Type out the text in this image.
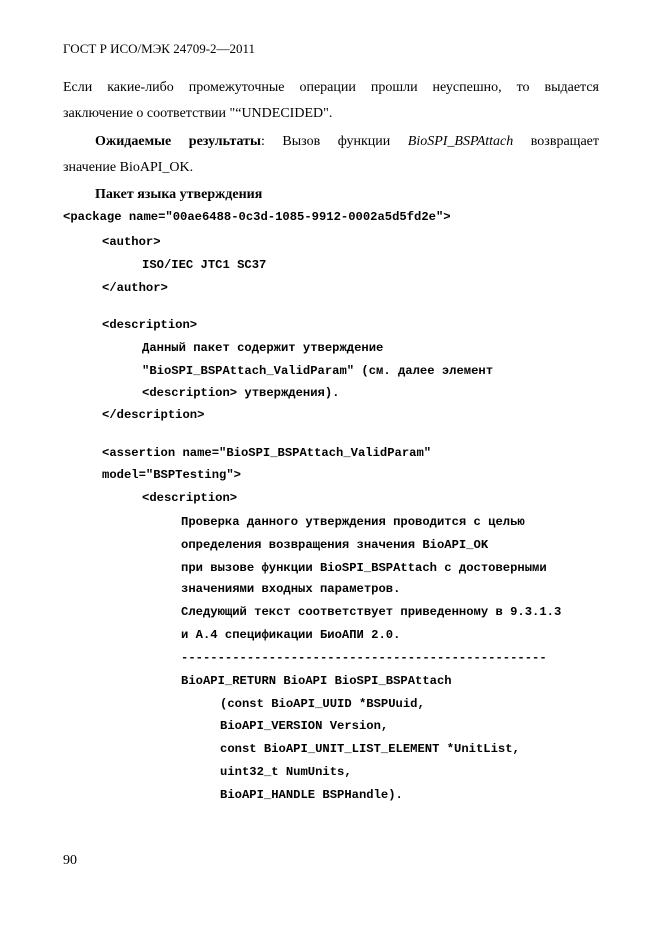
ГОСТ Р ИСО/МЭК 24709-2—2011
Если какие-либо промежуточные операции прошли неуспешно, то выдается
заключение о соответствии "“UNDECIDED".
Ожидаемые результаты: Вызов функции BioSPI_BSPAttach возвращает
значение BioAPI_OK.
Пакет языка утверждения
<package name="00ae6488-0c3d-1085-9912-0002a5d5fd2e">
<author>
ISO/IEC JTC1 SC37
</author>
<description>
Данный пакет содержит утверждение
"BioSPI_BSPAttach_ValidParam" (см. далее элемент
<description> утверждения).
</description>
<assertion name="BioSPI_BSPAttach_ValidParam"
model="BSPTesting">
<description>
Проверка данного утверждения проводится с целью
определения возвращения значения BioAPI_OK
при вызове функции BioSPI_BSPAttach с достоверными
значениями входных параметров.
Следующий текст соответствует приведенному в 9.3.1.3
и А.4 спецификации БиоАПИ 2.0.
--------------------------------------------------
BioAPI_RETURN BioAPI BioSPI_BSPAttach
(const BioAPI_UUID *BSPUuid,
BioAPI_VERSION Version,
const BioAPI_UNIT_LIST_ELEMENT *UnitList,
uint32_t NumUnits,
BioAPI_HANDLE BSPHandle).
90
